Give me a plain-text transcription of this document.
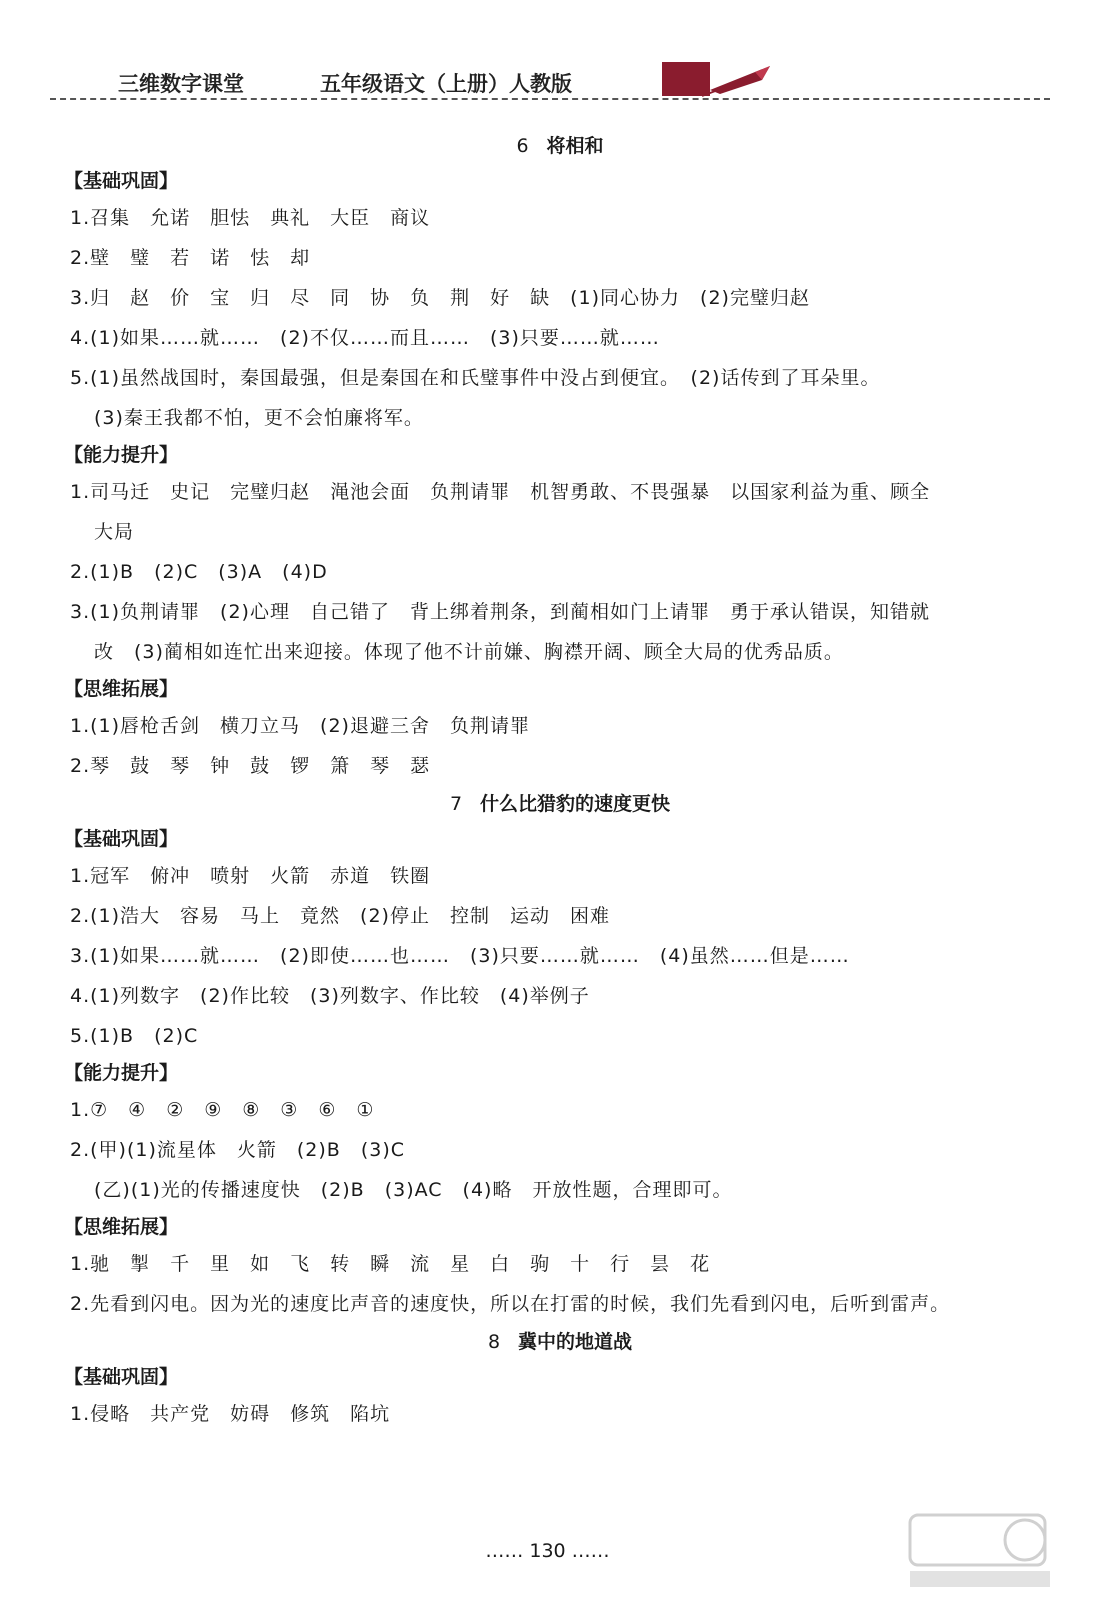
三维数字课堂	五年级语文（上册）人教版
6 将相和
【基础巩固】
1.召集　允诺　胆怯　典礼　大臣　商议
2.壁　璧　若　诺　怯　却
3.归　赵　价　宝　归　尽　同　协　负　荆　好　缺　(1)同心协力　(2)完璧归赵
4.(1)如果……就……　(2)不仅……而且……　(3)只要……就……
5.(1)虽然战国时，秦国最强，但是秦国在和氏璧事件中没占到便宜。　(2)话传到了耳朵里。
(3)秦王我都不怕，更不会怕廉将军。
【能力提升】
1.司马迁　史记　完璧归赵　渑池会面　负荆请罪　机智勇敢、不畏强暴　以国家利益为重、顾全
大局
2.(1)B　(2)C　(3)A　(4)D
3.(1)负荆请罪　(2)心理　自己错了　背上绑着荆条，到蔺相如门上请罪　勇于承认错误，知错就
改　(3)蔺相如连忙出来迎接。体现了他不计前嫌、胸襟开阔、顾全大局的优秀品质。
【思维拓展】
1.(1)唇枪舌剑　横刀立马　(2)退避三舍　负荆请罪
2.琴　鼓　琴　钟　鼓　锣　箫　琴　瑟
7 什么比猎豹的速度更快
【基础巩固】
1.冠军　俯冲　喷射　火箭　赤道　铁圈
2.(1)浩大　容易　马上　竟然　(2)停止　控制　运动　困难
3.(1)如果……就……　(2)即使……也……　(3)只要……就……　(4)虽然……但是……
4.(1)列数字　(2)作比较　(3)列数字、作比较　(4)举例子
5.(1)B　(2)C
【能力提升】
1.⑦　④　②　⑨　⑧　③　⑥　①
2.(甲)(1)流星体　火箭　(2)B　(3)C
(乙)(1)光的传播速度快　(2)B　(3)AC　(4)略　开放性题，合理即可。
【思维拓展】
1.驰　掣　千　里　如　飞　转　瞬　流　星　白　驹　十　行　昙　花
2.先看到闪电。因为光的速度比声音的速度快，所以在打雷的时候，我们先看到闪电，后听到雷声。
8 冀中的地道战
【基础巩固】
1.侵略　共产党　妨碍　修筑　陷坑
…… 130 ……
